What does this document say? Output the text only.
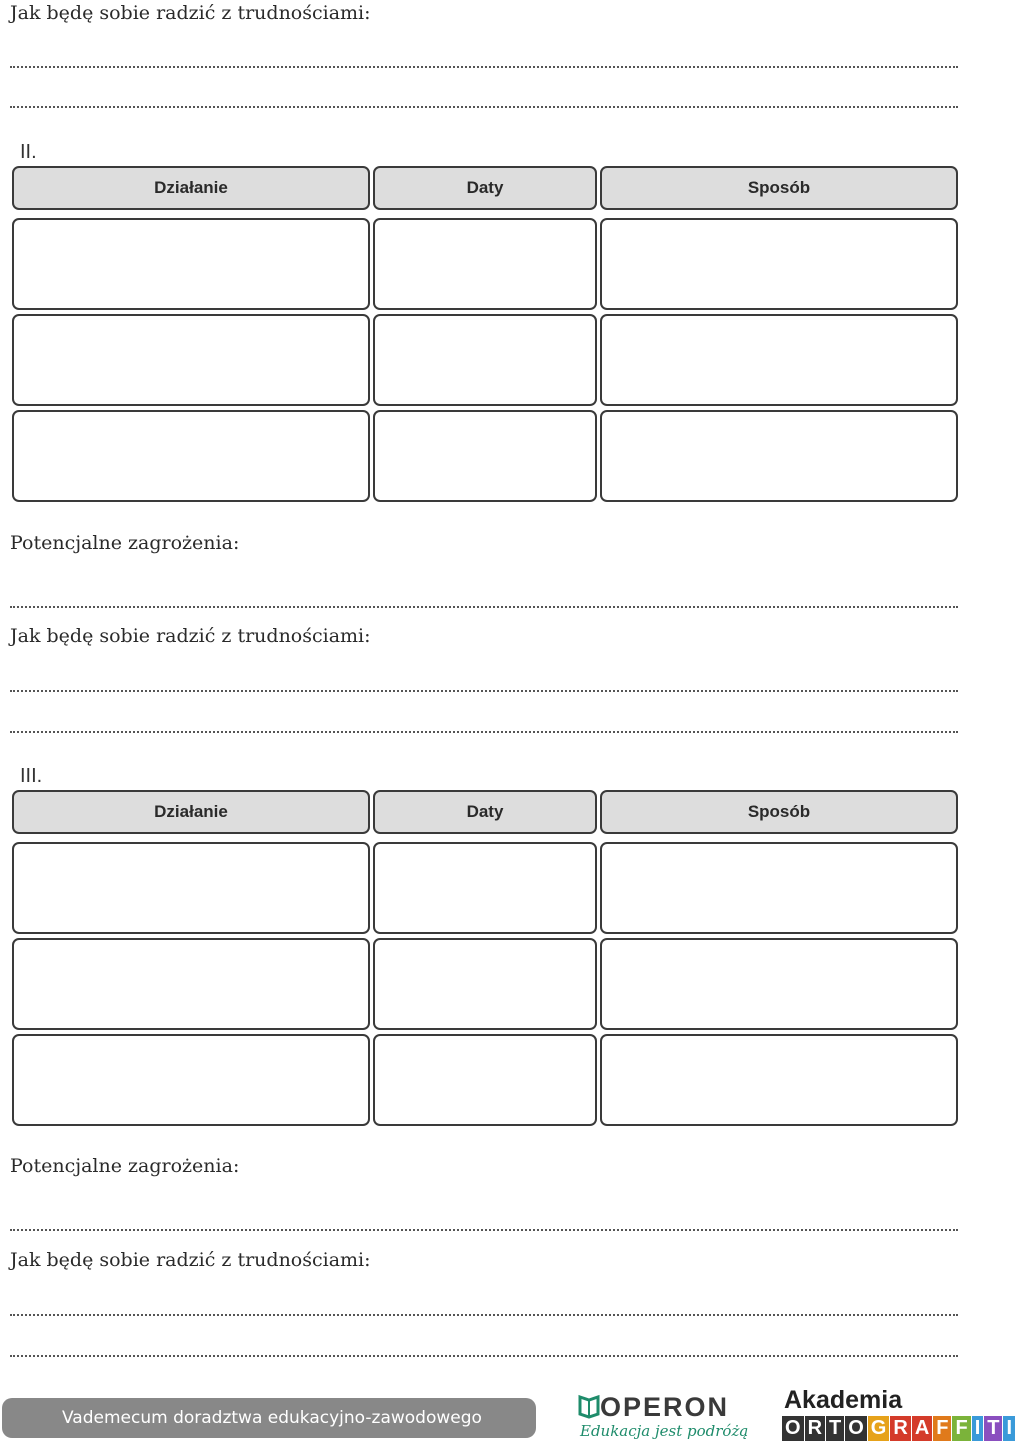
Jak będę sobie radzić z trudnościami:
II.
Działanie	Daty	Sposób
Potencjalne zagrożenia:
Jak będę sobie radzić z trudnościami:
III.
Działanie	Daty	Sposób
Potencjalne zagrożenia:
Jak będę sobie radzić z trudnościami:
Vademecum doradztwa edukacyjno-zawodowego	OPERON
Edukacja jest podróżą
Akademia
O R T O G R A F F I T I
